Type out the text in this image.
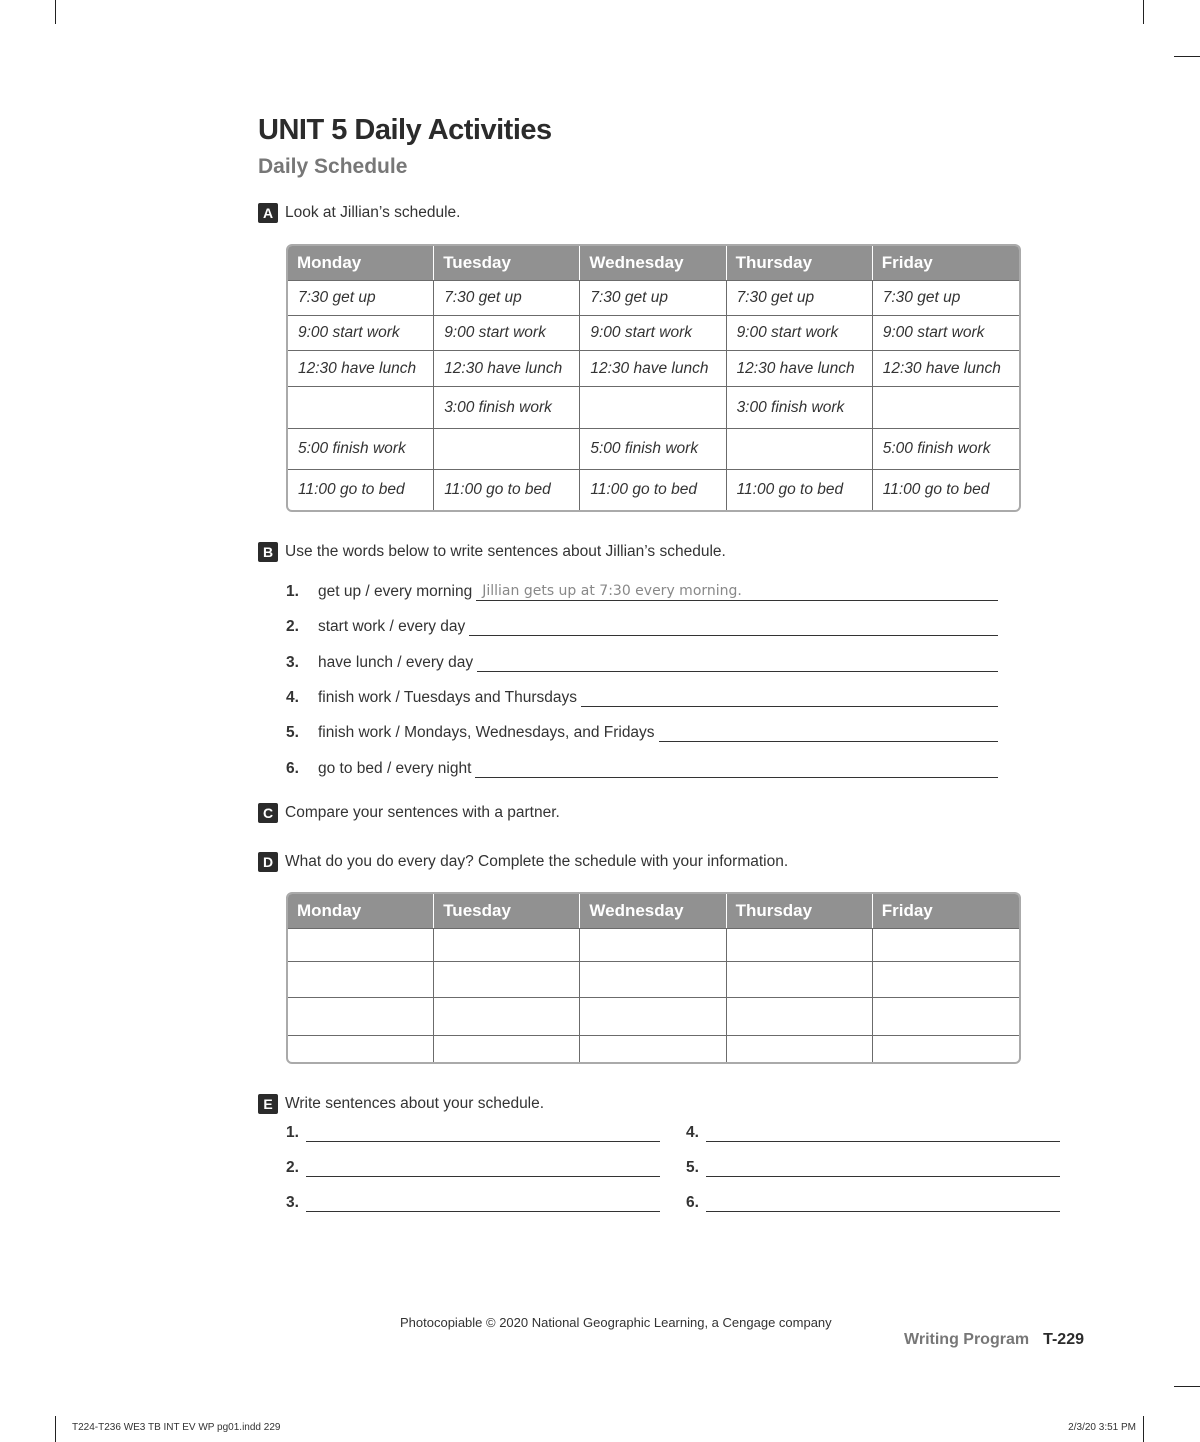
UNIT 5 Daily Activities
Daily Schedule
A Look at Jillian’s schedule.
Monday	Tuesday	Wednesday	Thursday	Friday
7:30 get up	7:30 get up	7:30 get up	7:30 get up	7:30 get up
9:00 start work	9:00 start work	9:00 start work	9:00 start work	9:00 start work
12:30 have lunch	12:30 have lunch	12:30 have lunch	12:30 have lunch	12:30 have lunch
	3:00 finish work		3:00 finish work	
5:00 finish work		5:00 finish work		5:00 finish work
11:00 go to bed	11:00 go to bed	11:00 go to bed	11:00 go to bed	11:00 go to bed
B Use the words below to write sentences about Jillian’s schedule.
1.	get up / every morning Jillian gets up at 7:30 every morning.
2.	start work / every day
3.	have lunch / every day
4.	finish work / Tuesdays and Thursdays
5.	finish work / Mondays, Wednesdays, and Fridays
6.	go to bed / every night
C Compare your sentences with a partner.
D What do you do every day? Complete the schedule with your information.
Monday	Tuesday	Wednesday	Thursday	Friday

E Write sentences about your schedule.
1.
2.
3.
4.
5.
6.
Photocopiable © 2020 National Geographic Learning, a Cengage company
Writing Program T-229
T224-T236 WE3 TB INT EV WP pg01.indd 229	2/3/20 3:51 PM
